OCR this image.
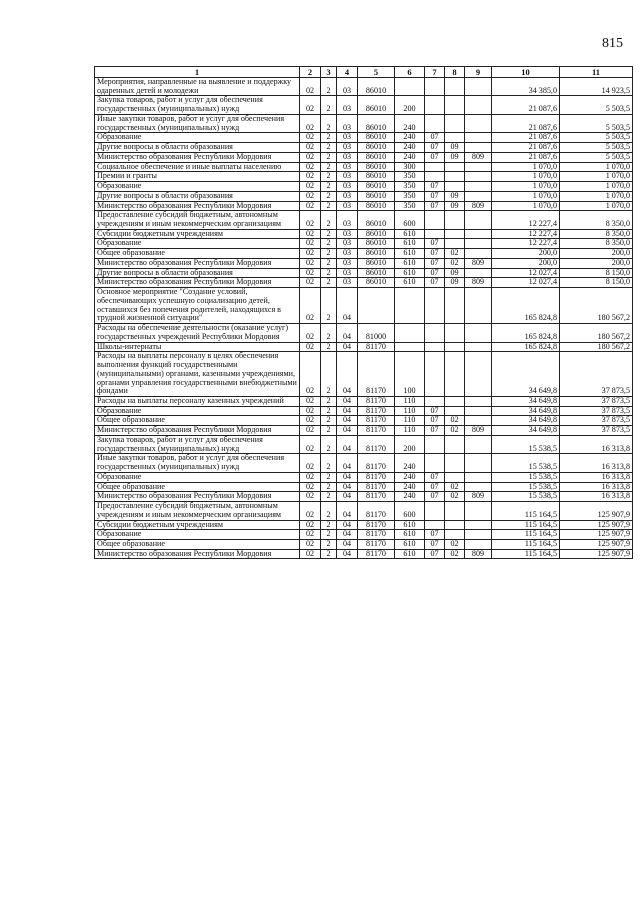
815
1	2	3	4	5	6	7	8	9	10	11
Мероприятия, направленные на выявление и поддержку одаренных детей и молодежи	02	2	03	86010					34 385,0	14 923,5
Закупка товаров, работ и услуг для обеспечения государственных (муниципальных) нужд	02	2	03	86010	200				21 087,6	5 503,5
Иные закупки товаров, работ и услуг для обеспечения государственных (муниципальных) нужд	02	2	03	86010	240				21 087,6	5 503,5
Образование	02	2	03	86010	240	07			21 087,6	5 503,5
Другие вопросы в области образования	02	2	03	86010	240	07	09		21 087,6	5 503,5
Министерство образования Республики Мордовия	02	2	03	86010	240	07	09	809	21 087,6	5 503,5
Социальное обеспечение и иные выплаты населению	02	2	03	86010	300				1 070,0	1 070,0
Премии и гранты	02	2	03	86010	350				1 070,0	1 070,0
Образование	02	2	03	86010	350	07			1 070,0	1 070,0
Другие вопросы в области образования	02	2	03	86010	350	07	09		1 070,0	1 070,0
Министерство образования Республики Мордовия	02	2	03	86010	350	07	09	809	1 070,0	1 070,0
Предоставление субсидий бюджетным, автономным учреждениям и иным некоммерческим организациям	02	2	03	86010	600				12 227,4	8 350,0
Субсидии бюджетным учреждениям	02	2	03	86010	610				12 227,4	8 350,0
Образование	02	2	03	86010	610	07			12 227,4	8 350,0
Общее образование	02	2	03	86010	610	07	02		200,0	200,0
Министерство образования Республики Мордовия	02	2	03	86010	610	07	02	809	200,0	200,0
Другие вопросы в области образования	02	2	03	86010	610	07	09		12 027,4	8 150,0
Министерство образования Республики Мордовия	02	2	03	86010	610	07	09	809	12 027,4	8 150,0
Основное мероприятие "Создание условий, обеспечивающих успешную социализацию детей, оставшихся без попечения родителей, находящихся в трудной жизненной ситуации"	02	2	04						165 824,8	180 567,2
Расходы на обеспечение деятельности (оказание услуг) государственных учреждений Республики Мордовия	02	2	04	81000					165 824,8	180 567,2
Школы-интернаты	02	2	04	81170					165 824,8	180 567,2
Расходы на выплаты персоналу в целях обеспечения выполнения функций государственными (муниципальными) органами, казенными учреждениями, органами управления государственными внебюджетными фондами	02	2	04	81170	100				34 649,8	37 873,5
Расходы на выплаты персоналу казенных учреждений	02	2	04	81170	110				34 649,8	37 873,5
Образование	02	2	04	81170	110	07			34 649,8	37 873,5
Общее образование	02	2	04	81170	110	07	02		34 649,8	37 873,5
Министерство образования Республики Мордовия	02	2	04	81170	110	07	02	809	34 649,8	37 873,5
Закупка товаров, работ и услуг для обеспечения государственных (муниципальных) нужд	02	2	04	81170	200				15 538,5	16 313,8
Иные закупки товаров, работ и услуг для обеспечения государственных (муниципальных) нужд	02	2	04	81170	240				15 538,5	16 313,8
Образование	02	2	04	81170	240	07			15 538,5	16 313,8
Общее образование	02	2	04	81170	240	07	02		15 538,5	16 313,8
Министерство образования Республики Мордовия	02	2	04	81170	240	07	02	809	15 538,5	16 313,8
Предоставление субсидий бюджетным, автономным учреждениям и иным некоммерческим организациям	02	2	04	81170	600				115 164,5	125 907,9
Субсидии бюджетным учреждениям	02	2	04	81170	610				115 164,5	125 907,9
Образование	02	2	04	81170	610	07			115 164,5	125 907,9
Общее образование	02	2	04	81170	610	07	02		115 164,5	125 907,9
Министерство образования Республики Мордовия	02	2	04	81170	610	07	02	809	115 164,5	125 907,9
